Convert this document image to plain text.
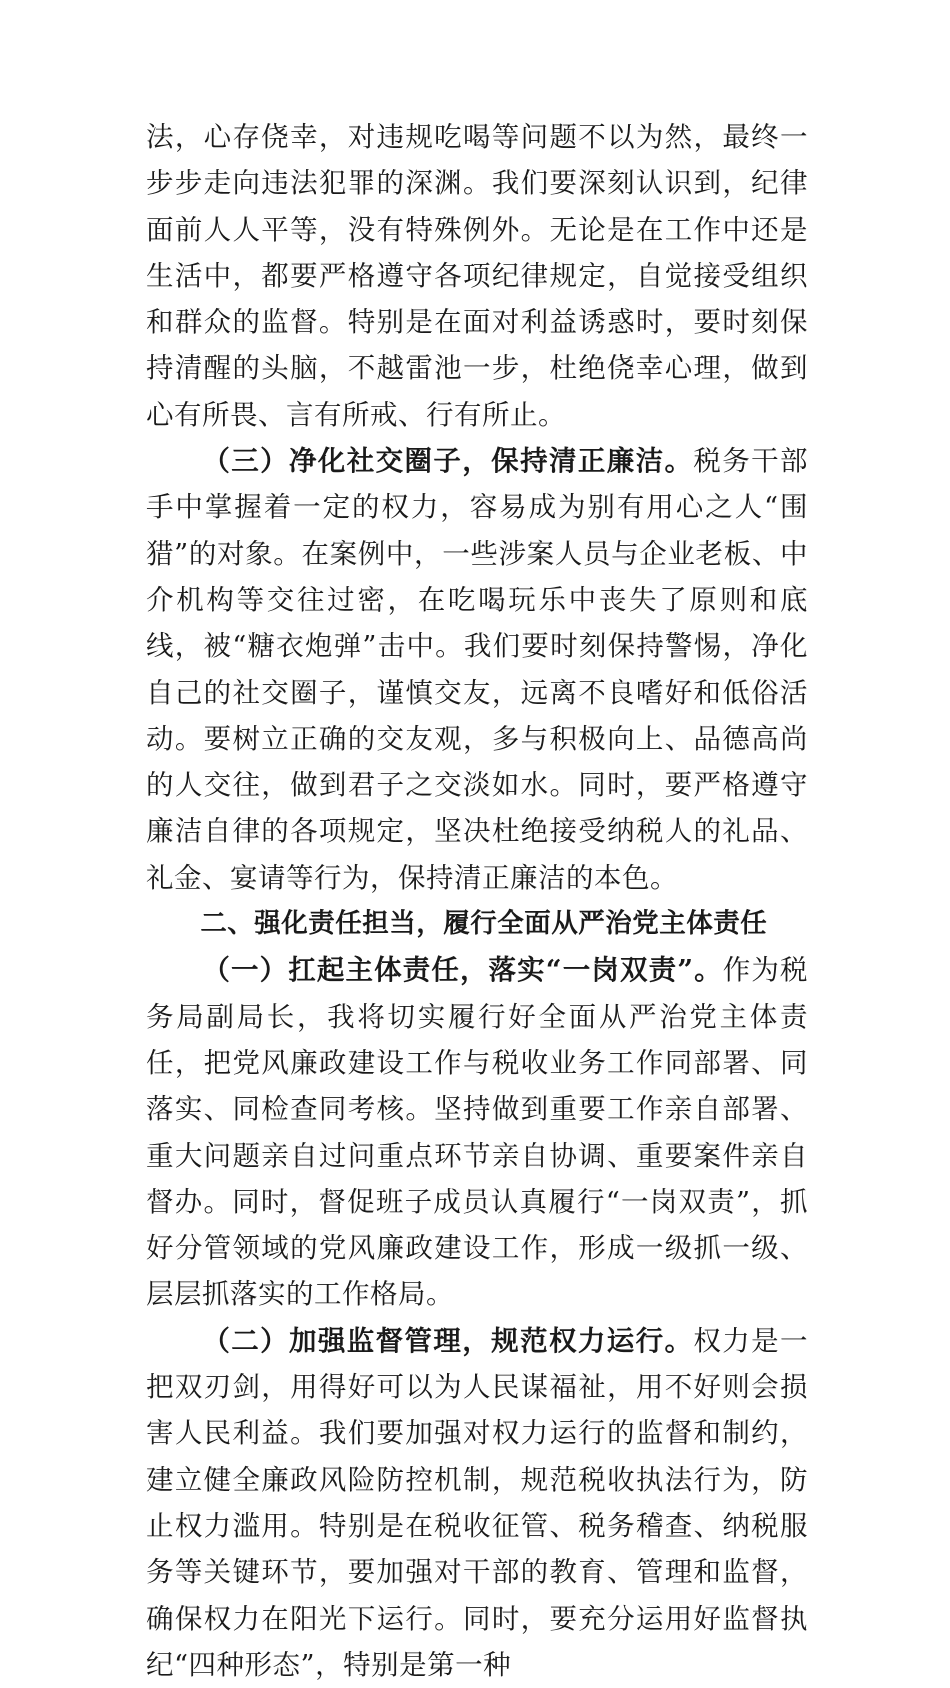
法，心存侥幸，对违规吃喝等问题不以为然，最终一步步走向违法犯罪的深渊。我们要深刻认识到，纪律面前人人平等，没有特殊例外。无论是在工作中还是生活中，都要严格遵守各项纪律规定，自觉接受组织和群众的监督。特别是在面对利益诱惑时，要时刻保持清醒的头脑，不越雷池一步，杜绝侥幸心理，做到心有所畏、言有所戒、行有所止。

（三）净化社交圈子，保持清正廉洁。税务干部手中掌握着一定的权力，容易成为别有用心之人“围猎”的对象。在案例中，一些涉案人员与企业老板、中介机构等交往过密，在吃喝玩乐中丧失了原则和底线，被“糖衣炮弹”击中。我们要时刻保持警惕，净化自己的社交圈子，谨慎交友，远离不良嗜好和低俗活动。要树立正确的交友观，多与积极向上、品德高尚的人交往，做到君子之交淡如水。同时，要严格遵守廉洁自律的各项规定，坚决杜绝接受纳税人的礼品、礼金、宴请等行为，保持清正廉洁的本色。

二、强化责任担当，履行全面从严治党主体责任

（一）扛起主体责任，落实“一岗双责”。作为税务局副局长，我将切实履行好全面从严治党主体责任，把党风廉政建设工作与税收业务工作同部署、同落实、同检查同考核。坚持做到重要工作亲自部署、重大问题亲自过问重点环节亲自协调、重要案件亲自督办。同时，督促班子成员认真履行“一岗双责”，抓好分管领域的党风廉政建设工作，形成一级抓一级、层层抓落实的工作格局。

（二）加强监督管理，规范权力运行。权力是一把双刃剑，用得好可以为人民谋福祉，用不好则会损害人民利益。我们要加强对权力运行的监督和制约，建立健全廉政风险防控机制，规范税收执法行为，防止权力滥用。特别是在税收征管、税务稽查、纳税服务等关键环节，要加强对干部的教育、管理和监督，确保权力在阳光下运行。同时，要充分运用好监督执纪“四种形态”，特别是第一种
